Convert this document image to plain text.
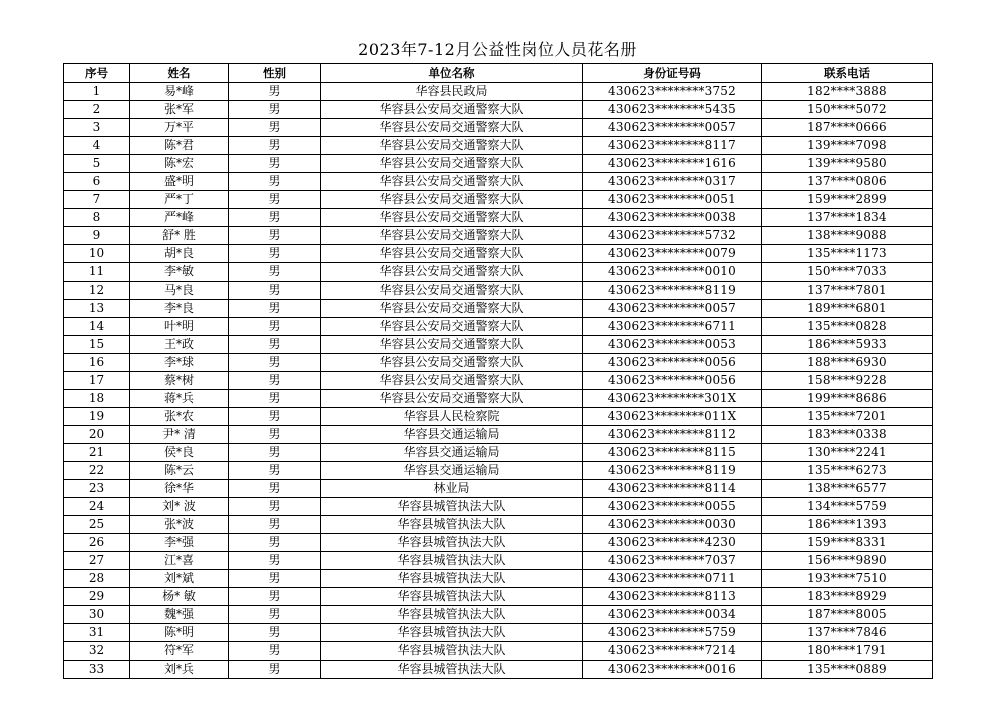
2023年7-12月公益性岗位人员花名册
序号	姓名	性别	单位名称	身份证号码	联系电话
1	易*峰	男	华容县民政局	430623********3752	182****3888
2	张*军	男	华容县公安局交通警察大队	430623********5435	150****5072
3	万*平	男	华容县公安局交通警察大队	430623********0057	187****0666
4	陈*君	男	华容县公安局交通警察大队	430623********8117	139****7098
5	陈*宏	男	华容县公安局交通警察大队	430623********1616	139****9580
6	盛*明	男	华容县公安局交通警察大队	430623********0317	137****0806
7	严*丁	男	华容县公安局交通警察大队	430623********0051	159****2899
8	严*峰	男	华容县公安局交通警察大队	430623********0038	137****1834
9	舒* 胜	男	华容县公安局交通警察大队	430623********5732	138****9088
10	胡*良	男	华容县公安局交通警察大队	430623********0079	135****1173
11	李*敏	男	华容县公安局交通警察大队	430623********0010	150****7033
12	马*良	男	华容县公安局交通警察大队	430623********8119	137****7801
13	李*良	男	华容县公安局交通警察大队	430623********0057	189****6801
14	叶*明	男	华容县公安局交通警察大队	430623********6711	135****0828
15	王*政	男	华容县公安局交通警察大队	430623********0053	186****5933
16	李*球	男	华容县公安局交通警察大队	430623********0056	188****6930
17	蔡*树	男	华容县公安局交通警察大队	430623********0056	158****9228
18	蒋*兵	男	华容县公安局交通警察大队	430623********301X	199****8686
19	张*农	男	华容县人民检察院	430623********011X	135****7201
20	尹* 清	男	华容县交通运输局	430623********8112	183****0338
21	侯*良	男	华容县交通运输局	430623********8115	130****2241
22	陈*云	男	华容县交通运输局	430623********8119	135****6273
23	徐*华	男	林业局	430623********8114	138****6577
24	刘* 波	男	华容县城管执法大队	430623********0055	134****5759
25	张*波	男	华容县城管执法大队	430623********0030	186****1393
26	李*强	男	华容县城管执法大队	430623********4230	159****8331
27	江*喜	男	华容县城管执法大队	430623********7037	156****9890
28	刘*斌	男	华容县城管执法大队	430623********0711	193****7510
29	杨* 敏	男	华容县城管执法大队	430623********8113	183****8929
30	魏*强	男	华容县城管执法大队	430623********0034	187****8005
31	陈*明	男	华容县城管执法大队	430623********5759	137****7846
32	符*军	男	华容县城管执法大队	430623********7214	180****1791
33	刘*兵	男	华容县城管执法大队	430623********0016	135****0889
